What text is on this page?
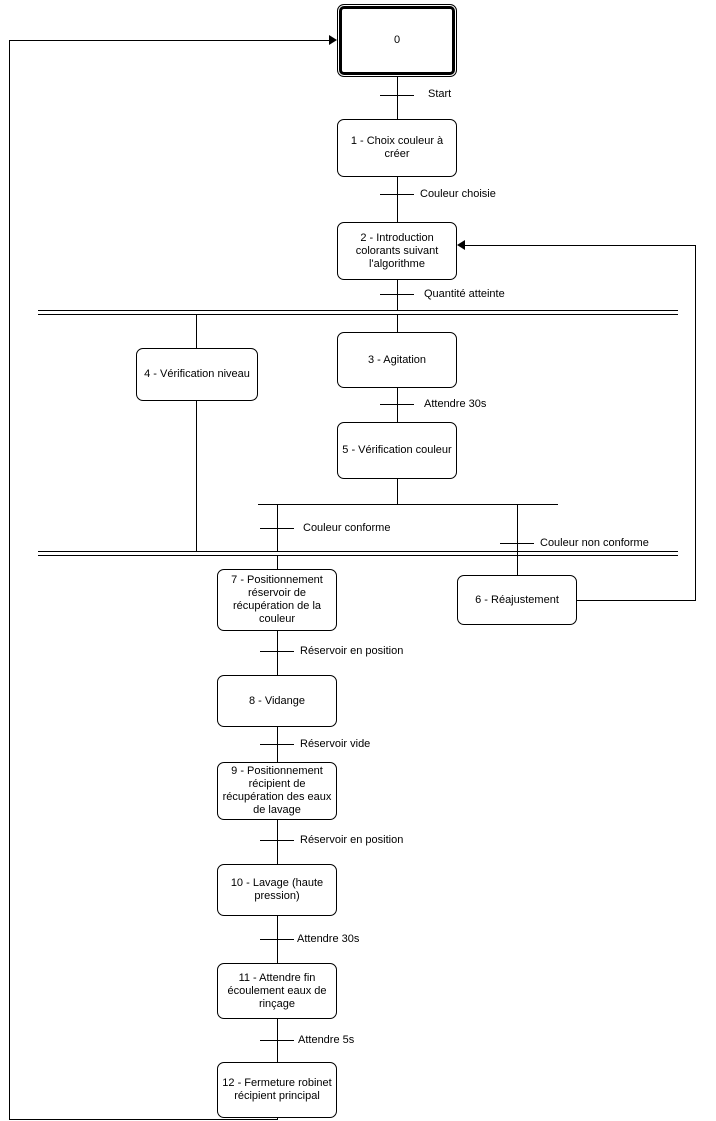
0
Start
1 - Choix couleur à créer
Couleur choisie
2 - Introduction colorants suivant l'algorithme
Quantité atteinte
4 - Vérification niveau
3 - Agitation
Attendre 30s
5 - Vérification couleur
Couleur conforme
Couleur non conforme
6 - Réajustement
7 - Positionnement réservoir de récupération de la couleur
Réservoir en position
8 - Vidange
Réservoir vide
9 - Positionnement récipient de récupération des eaux de lavage
Réservoir en position
10 - Lavage (haute pression)
Attendre 30s
11 - Attendre fin écoulement eaux de rinçage
Attendre 5s
12 - Fermeture robinet récipient principal
